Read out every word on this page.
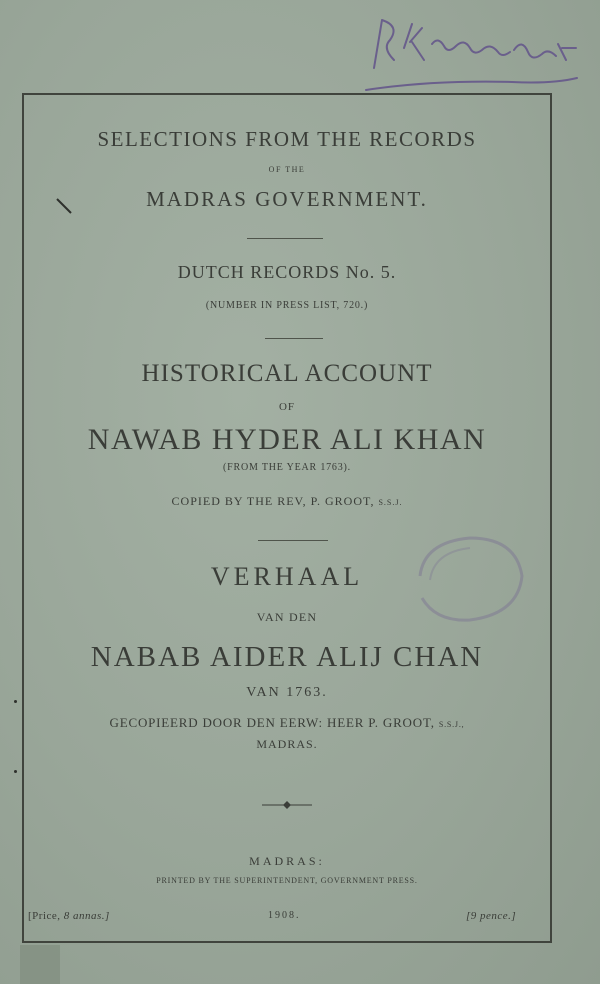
SELECTIONS FROM THE RECORDS
OF THE
MADRAS GOVERNMENT.
DUTCH RECORDS No. 5.
(NUMBER IN PRESS LIST, 720.)
HISTORICAL ACCOUNT
OF
NAWAB HYDER ALI KHAN
(FROM THE YEAR 1763).
COPIED BY THE REV, P. GROOT, S.S.J.
VERHAAL
VAN DEN
NABAB AIDER ALIJ CHAN
VAN 1763.
GECOPIEERD DOOR DEN EERW: HEER P. GROOT, S.S.J.,
MADRAS.
MADRAS:
PRINTED BY THE SUPERINTENDENT, GOVERNMENT PRESS.
[Price, 8 annas.]	1908.	[9 pence.]
